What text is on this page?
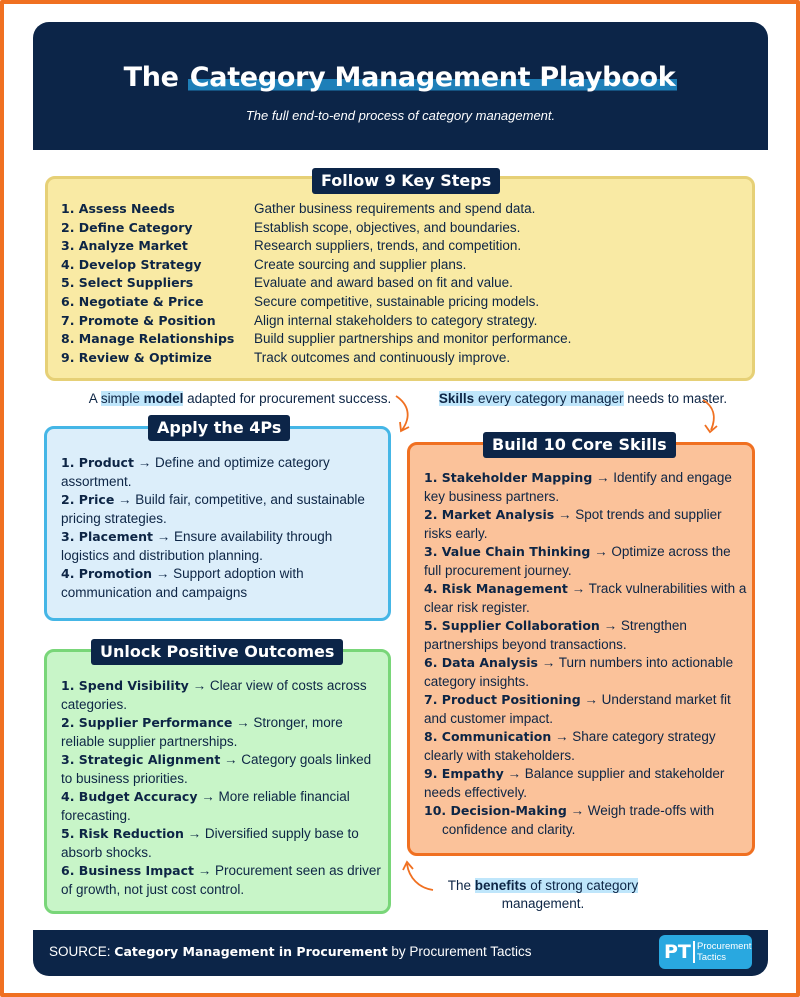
The Category Management Playbook
The full end-to-end process of category management.
Follow 9 Key Steps
1. Assess Needs	Gather business requirements and spend data.
2. Define Category	Establish scope, objectives, and boundaries.
3. Analyze Market	Research suppliers, trends, and competition.
4. Develop Strategy	Create sourcing and supplier plans.
5. Select Suppliers	Evaluate and award based on fit and value.
6. Negotiate & Price	Secure competitive, sustainable pricing models.
7. Promote & Position	Align internal stakeholders to category strategy.
8. Manage Relationships	Build supplier partnerships and monitor performance.
9. Review & Optimize	Track outcomes and continuously improve.
A simple model adapted for procurement success.	Skills every category manager needs to master.
The benefits of strong category management.
Apply the 4Ps
1. Product → Define and optimize category assortment.
2. Price → Build fair, competitive, and sustainable pricing strategies.
3. Placement → Ensure availability through logistics and distribution planning.
4. Promotion → Support adoption with communication and campaigns
Unlock Positive Outcomes
1. Spend Visibility → Clear view of costs across categories.
2. Supplier Performance → Stronger, more reliable supplier partnerships.
3. Strategic Alignment → Category goals linked to business priorities.
4. Budget Accuracy → More reliable financial forecasting.
5. Risk Reduction → Diversified supply base to absorb shocks.
6. Business Impact → Procurement seen as driver of growth, not just cost control.
Build 10 Core Skills
1. Stakeholder Mapping → Identify and engage key business partners.
2. Market Analysis → Spot trends and supplier risks early.
3. Value Chain Thinking → Optimize across the full procurement journey.
4. Risk Management → Track vulnerabilities with a clear risk register.
5. Supplier Collaboration → Strengthen partnerships beyond transactions.
6. Data Analysis → Turn numbers into actionable category insights.
7. Product Positioning → Understand market fit and customer impact.
8. Communication → Share category strategy clearly with stakeholders.
9. Empathy → Balance supplier and stakeholder needs effectively.
10. Decision-Making → Weigh trade-offs with confidence and clarity.
SOURCE: Category Management in Procurement by Procurement Tactics	PT Procurement
Tactics
